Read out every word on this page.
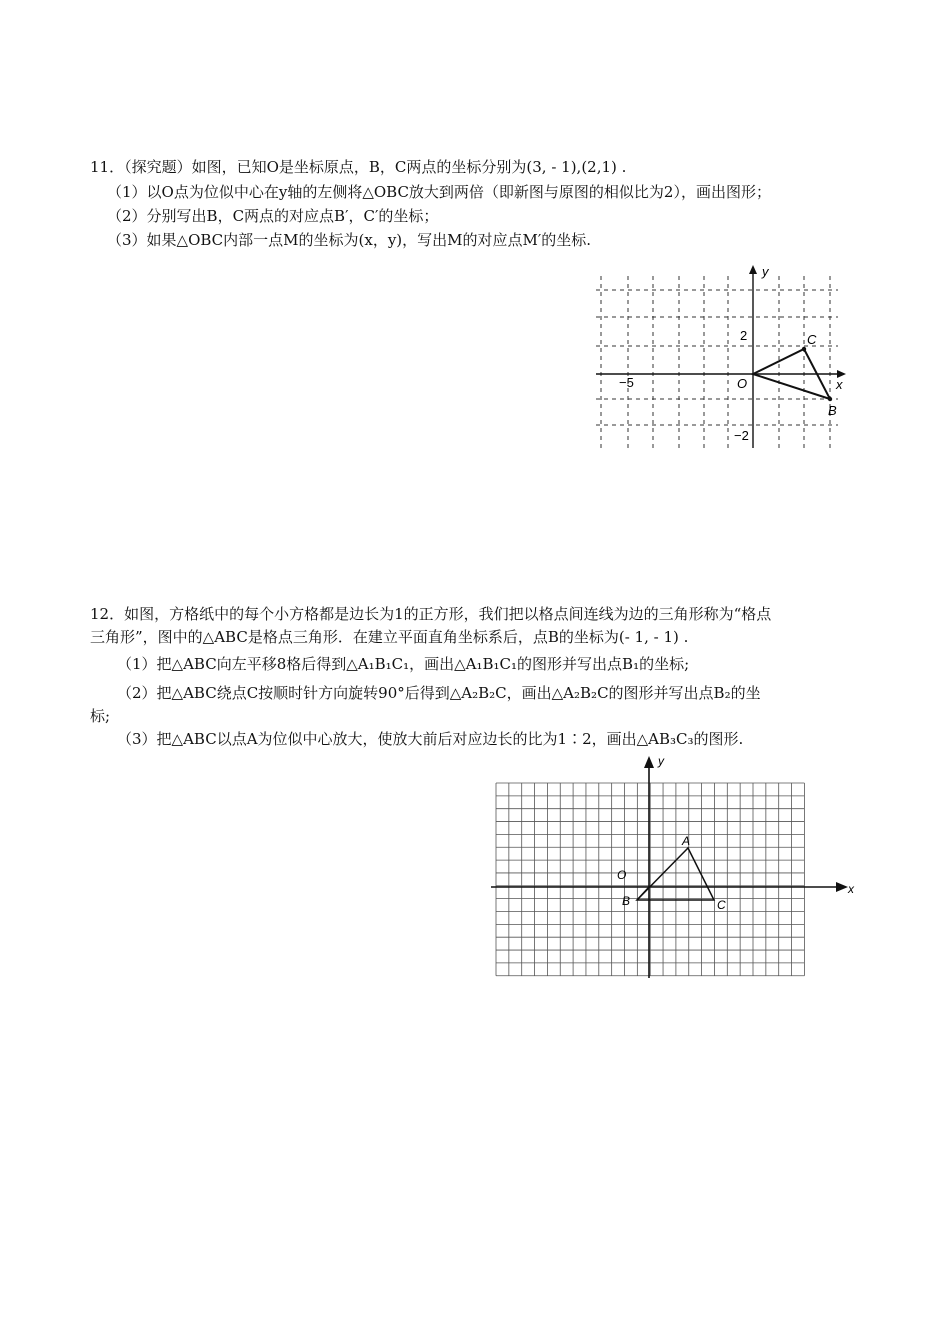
11．（探究题）如图，已知O是坐标原点，B，C两点的坐标分别为(3, - 1),(2,1) .
（1）以O点为位似中心在y轴的左侧将△OBC放大到两倍（即新图与原图的相似比为2），画出图形；
（2）分别写出B，C两点的对应点B′，C′的坐标；
（3）如果△OBC内部一点M的坐标为(x，y)，写出M的对应点M′的坐标.
x
y
O
−5
2
−2
C
B
12．如图，方格纸中的每个小方格都是边长为1的正方形，我们把以格点间连线为边的三角形称为“格点
三角形”，图中的△ABC是格点三角形．在建立平面直角坐标系后，点B的坐标为(- 1, - 1) .
（1）把△ABC向左平移8格后得到△A₁B₁C₁，画出△A₁B₁C₁的图形并写出点B₁的坐标;
（2）把△ABC绕点C按顺时针方向旋转90°后得到△A₂B₂C，画出△A₂B₂C的图形并写出点B₂的坐
标;
（3）把△ABC以点A为位似中心放大，使放大前后对应边长的比为1∶2，画出△AB₃C₃的图形.
x
y
O
A
B	C
